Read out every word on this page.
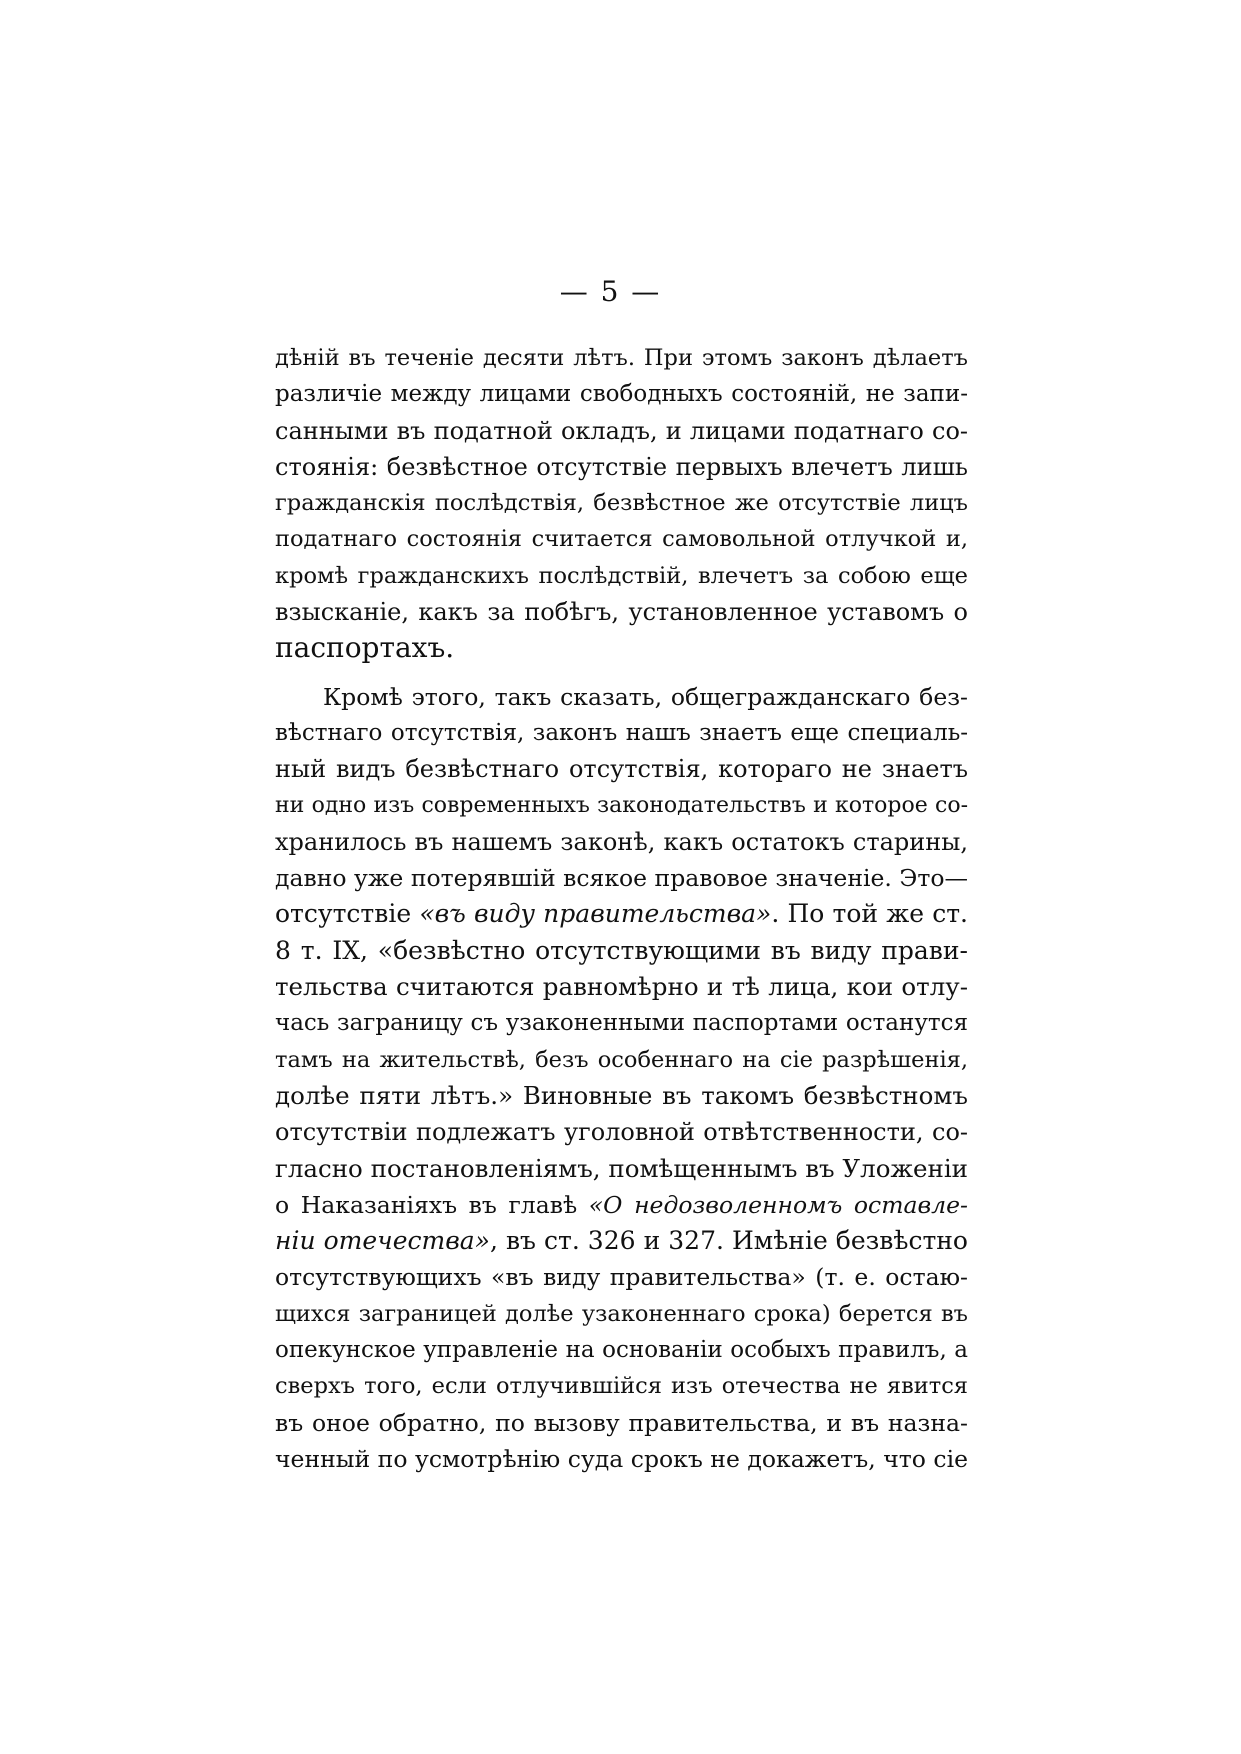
— 5 —
дѣній въ теченіе десяти лѣтъ. При этомъ законъ дѣлаетъ
различіе между лицами свободныхъ состояній, не запи-
санными въ податной окладъ, и лицами податнаго со-
стоянія: безвѣстное отсутствіе первыхъ влечетъ лишь
гражданскія послѣдствія, безвѣстное же отсутствіе лицъ
податнаго состоянія считается самовольной отлучкой и,
кромѣ гражданскихъ послѣдствій, влечетъ за собою еще
взысканіе, какъ за побѣгъ, установленное уставомъ о
паспортахъ.
Кромѣ этого, такъ сказать, общегражданскаго без-
вѣстнаго отсутствія, законъ нашъ знаетъ еще специаль-
ный видъ безвѣстнаго отсутствія, котораго не знаетъ
ни одно изъ современныхъ законодательствъ и которое со-
хранилось въ нашемъ законѣ, какъ остатокъ старины,
давно уже потерявшій всякое правовое значеніе. Это—
отсутствіе «въ виду правительства». По той же ст.
8 т. IX, «безвѣстно отсутствующими въ виду прави-
тельства считаются равномѣрно и тѣ лица, кои отлу-
чась заграницу съ узаконенными паспортами останутся
тамъ на жительствѣ, безъ особеннаго на сіе разрѣшенія,
долѣе пяти лѣтъ.» Виновные въ такомъ безвѣстномъ
отсутствіи подлежатъ уголовной отвѣтственности, со-
гласно постановленіямъ, помѣщеннымъ въ Уложеніи
о Наказаніяхъ въ главѣ «О недозволенномъ оставле-
ніи отечества», въ ст. 326 и 327. Имѣніе безвѣстно
отсутствующихъ «въ виду правительства» (т. е. остаю-
щихся заграницей долѣе узаконеннаго срока) берется въ
опекунское управленіе на основаніи особыхъ правилъ, а
сверхъ того, если отлучившійся изъ отечества не явится
въ оное обратно, по вызову правительства, и въ назна-
ченный по усмотрѣнію суда срокъ не докажетъ, что сіе
